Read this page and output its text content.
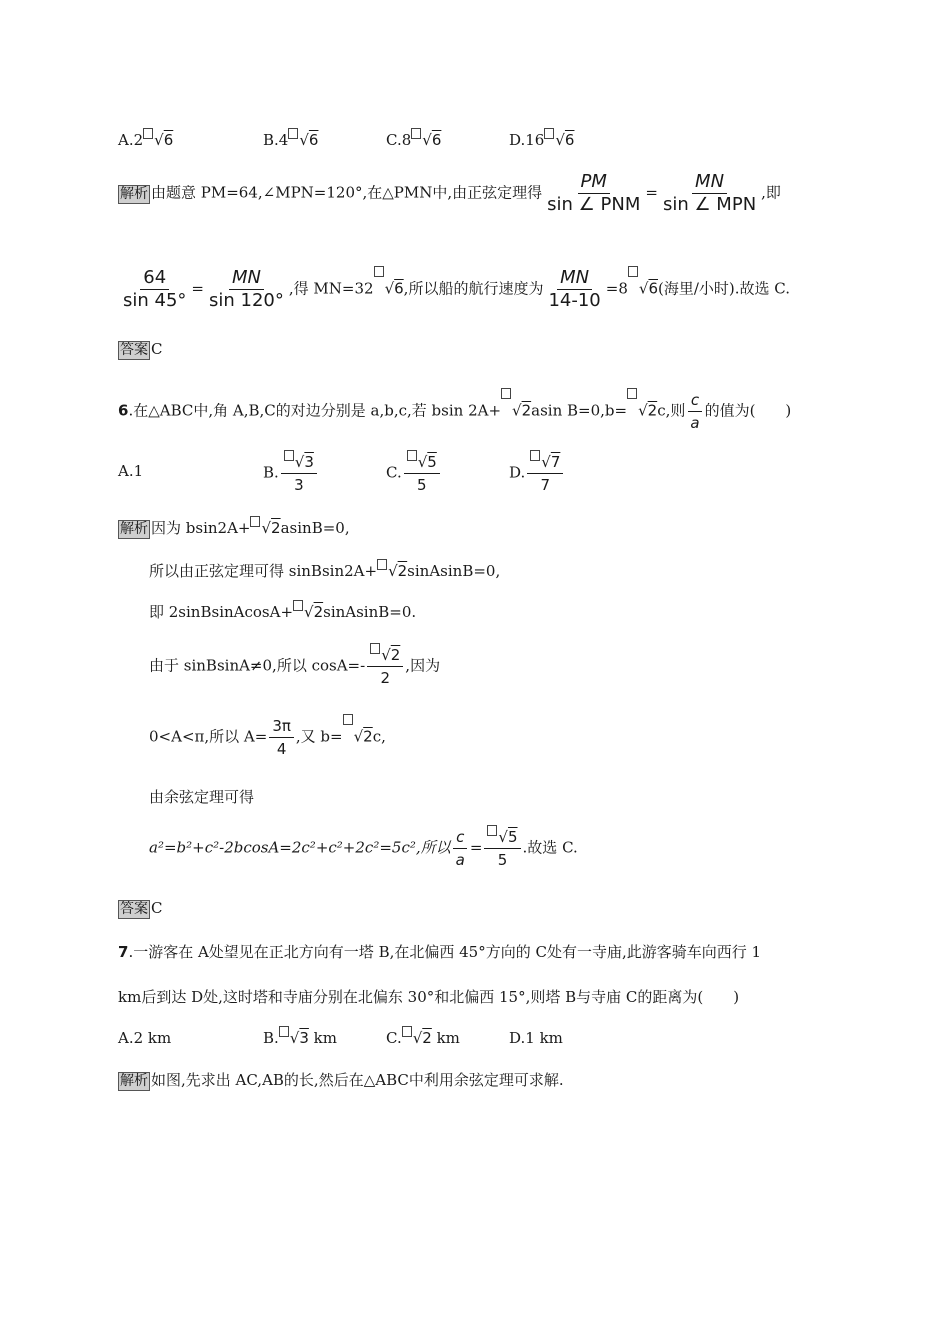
A.2 √6	B.4 √6	C.8 √6	D.16 √6
解析 由题意 PM=64,∠MPN=120°,在△PMN中,由正弦定理得 $\frac{PM}{\text{sin ∠ PNM}} = \frac{MN}{\text{sin ∠ MPN}}$ ,即
$\frac{64}{\sin 45^\circ} = \frac{MN}{\sin 120^\circ}$ ,得 MN=32 √6,所以船的航行速度为 $\frac{MN}{14-10} =8$ √6(海里/小时).故选 C.
答案 C
6.在△ABC中,角 A,B,C的对边分别是 a,b,c,若 bsin 2A+ √2asin B=0,b= √2c,则 $\frac{c}{a}$ 的值为(　　)
A.1	B. $\frac{√3}{3}$	C. $\frac{√5}{5}$	D. $\frac{√7}{7}$
解析 因为 bsin2A+ √2asinB=0,
所以由正弦定理可得 sinBsin2A+ √2sinAsinB=0,
即 2sinBsinAcosA+ √2sinAsinB=0.
由于 sinBsinA≠0,所以 $\cos A=- \frac{√2}{2}$ ,因为
0<A<π,所以 $A= \frac{3\pi}{4}$ ,又 b= √2c,
由余弦定理可得
a²=b²+c²-2bcosA=2c²+c²+2c²=5c²,所以 $\frac{c}{a} = \frac{√5}{5}$ .故选 C.
答案 C
7.一游客在 A处望见在正北方向有一塔 B,在北偏西 45°方向的 C处有一寺庙,此游客骑车向西行 1
km后到达 D处,这时塔和寺庙分别在北偏东 30°和北偏西 15°,则塔 B与寺庙 C的距离为(　　)
A.2 km	B. √3 km	C. √2 km	D.1 km
解析 如图,先求出 AC,AB的长,然后在△ABC中利用余弦定理可求解.
